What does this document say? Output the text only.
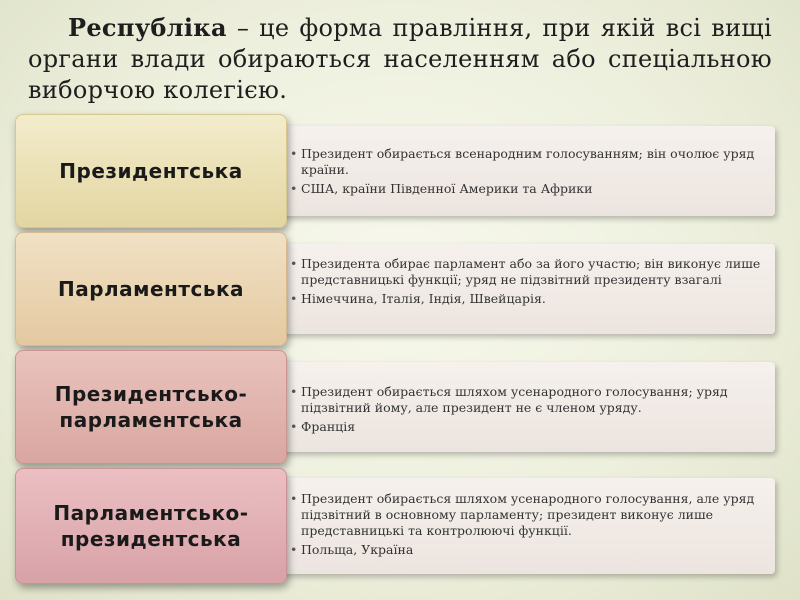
Республіка – це форма правління, при якій всі вищі органи влади обираються населенням або спеціальною виборчою колегією.
Президентська
• Президент обирається всенародним голосуванням; він очолює уряд країни.
• США, країни Південної Америки та Африки
Парламентська
• Президента обирає парламент або за його участю; він виконує лише представницькі функції; уряд не підзвітний президенту взагалі
• Німеччина, Італія, Індія, Швейцарія.
Президентсько-
парламентська
• Президент обирається шляхом усенародного голосування; уряд підзвітний йому, але президент не є членом уряду.
• Франція
Парламентсько-
президентська
• Президент обирається шляхом усенародного голосування, але уряд підзвітний в основному парламенту; президент виконує лише представницькі та контролюючі функції.
• Польща, Україна
